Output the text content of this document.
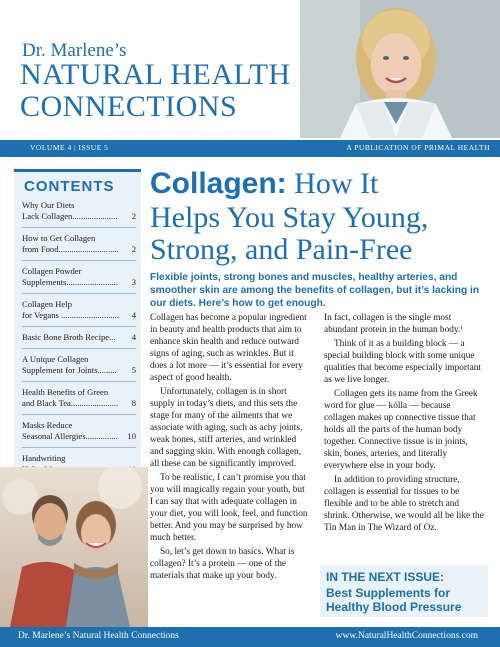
Dr. Marlene’s
NATURAL HEALTH
CONNECTIONS
VOLUME 4 | ISSUE 5	A PUBLICATION OF PRIMAL HEALTH
CONTENTS
Why Our Diets
Lack Collagen.....................	2
How to Get Collagen
from Food............................	2
Collagen Powder
Supplements........................	3
Collagen Help
for Vegans ...........................	4
Basic Bone Broth Recipe... 4
A Unique Collagen
Supplement for Joints.........	5
Health Benefits of Green
and Black Tea......................	8
Masks Reduce
Seasonal Allergies...............	10
Handwriting
Collagen: How It
Helps You Stay Young,
Strong, and Pain-Free
Flexible joints, strong bones and muscles, healthy arteries, and smoother skin are among the benefits of collagen, but it’s lacking in our diets. Here’s how to get enough.

Collagen has become a popular ingredient in beauty and health products that aim to enhance skin health and reduce outward signs of aging, such as wrinkles. But it does a lot more — it’s essential for every aspect of good health.

Unfortunately, collagen is in short supply in today’s diets, and this sets the stage for many of the ailments that we associate with aging, such as achy joints, weak bones, stiff arteries, and wrinkled and sagging skin. With enough collagen, all these can be significantly improved.

To be realistic, I can’t promise you that you will magically regain your youth, but I can say that with adequate collagen in your diet, you will look, feel, and function better. And you may be surprised by how much better.

So, let’s get down to basics. What is collagen? It’s a protein — one of the materials that make up your body.

In fact, collagen is the single most abundant protein in the human body.¹

Think of it as a building block — a special building block with some unique qualities that become especially important as we live longer.

Collagen gets its name from the Greek word for glue — kólla — because collagen makes up connective tissue that holds all the parts of the human body together. Connective tissue is in joints, skin, bones, arteries, and literally everywhere else in your body.

In addition to providing structure, collagen is essential for tissues to be flexible and to be able to stretch and shrink. Otherwise, we would all be like the Tin Man in The Wizard of Oz.

IN THE NEXT ISSUE:
Best Supplements for
Healthy Blood Pressure
Dr. Marlene’s Natural Health Connections	www.NaturalHealthConnections.com
